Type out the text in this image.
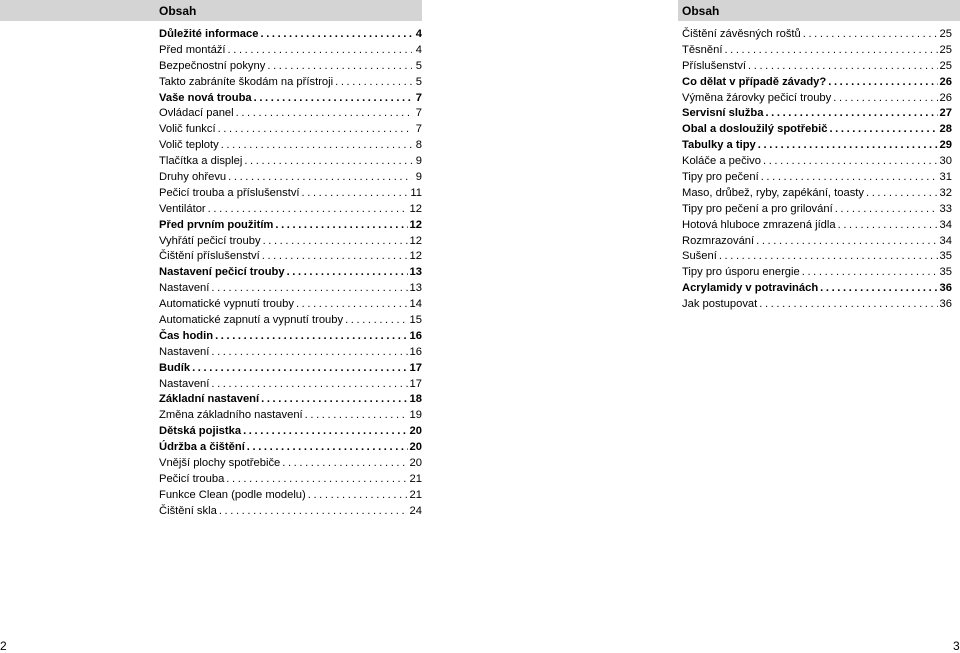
Obsah
Důležité informace .....	4
Před montáží .....	4
Bezpečnostní pokyny .....	5
Takto zabráníte škodám na přístroji .....	5
Vaše nová trouba .....	7
Ovládací panel .....	7
Volič funkcí .....	7
Volič teploty .....	8
Tlačítka a displej .....	9
Druhy ohřevu .....	9
Pečicí trouba a příslušenství .....	11
Ventilátor .....	12
Před prvním použitím .....	12
Vyhřátí pečicí trouby .....	12
Čištění příslušenství .....	12
Nastavení pečicí trouby .....	13
Nastavení .....	13
Automatické vypnutí trouby .....	14
Automatické zapnutí a vypnutí trouby .....	15
Čas hodin .....	16
Nastavení .....	16
Budík .....	17
Nastavení .....	17
Základní nastavení .....	18
Změna základního nastavení .....	19
Dětská pojistka .....	20
Údržba a čištění .....	20
Vnější plochy spotřebiče .....	20
Pečicí trouba .....	21
Funkce Clean (podle modelu) .....	21
Čištění skla .....	24
Obsah
Čištění závěsných roštů .....	25
Těsnění .....	25
Příslušenství .....	25
Co dělat v případě závady? .....	26
Výměna žárovky pečicí trouby .....	26
Servisní služba .....	27
Obal a dosloužilý spotřebič .....	28
Tabulky a tipy .....	29
Koláče a pečivo .....	30
Tipy pro pečení .....	31
Maso, drůbež, ryby, zapékání, toasty .....	32
Tipy pro pečení a pro grilování .....	33
Hotová hluboce zmrazená jídla .....	34
Rozmrazování .....	34
Sušení .....	35
Tipy pro úsporu energie .....	35
Acrylamidy v potravinách .....	36
Jak postupovat .....	36
2	3
